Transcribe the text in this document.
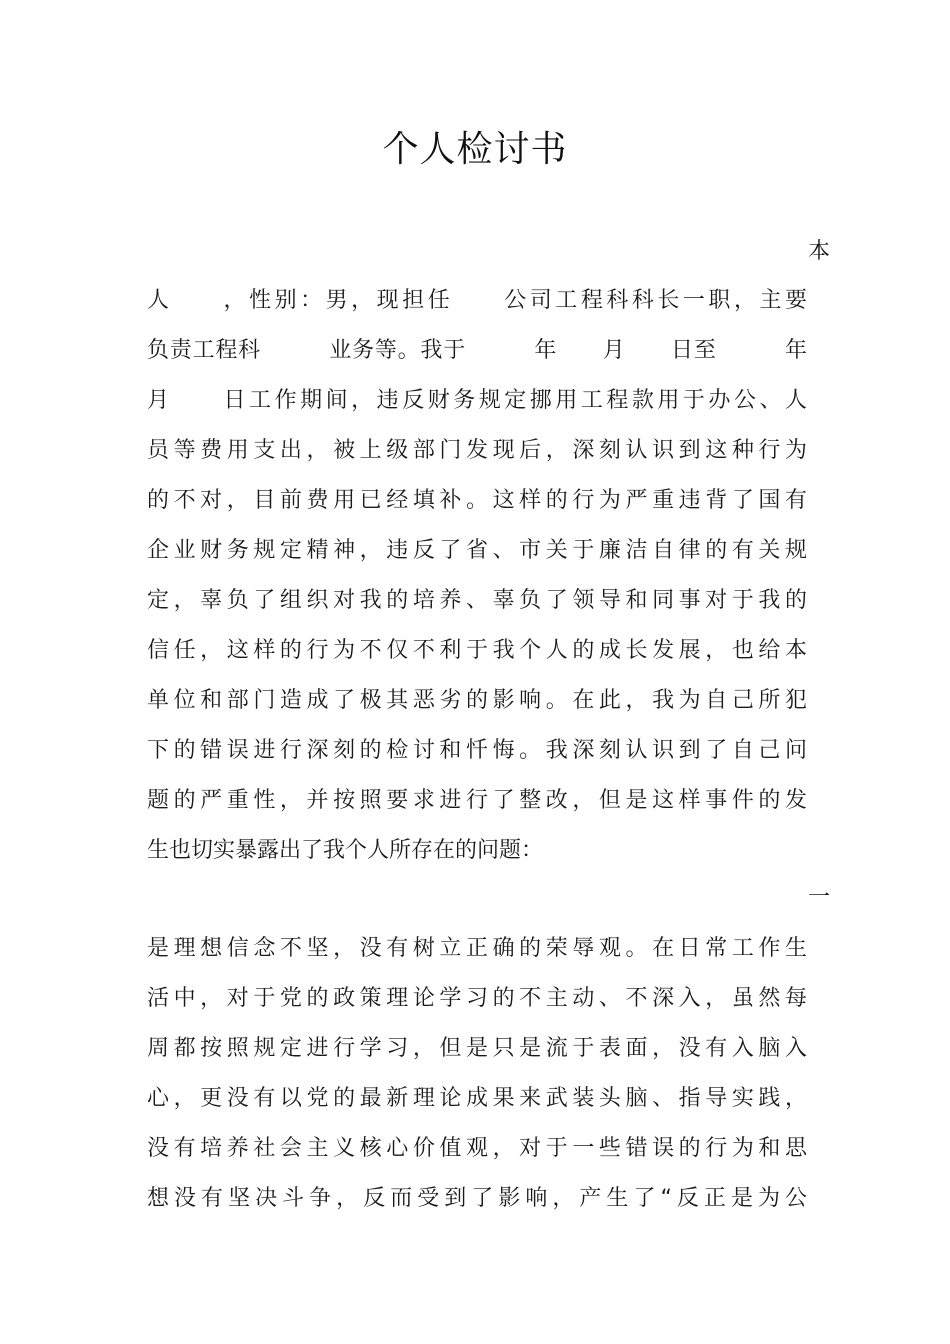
个人检讨书
本
人　　，性别：男，现担任　　公司工程科科长一职，主要
负责工程科　　　业务等。我于　　　年　　月　　日至　　　年
月　　日工作期间，违反财务规定挪用工程款用于办公、人
员等费用支出，被上级部门发现后，深刻认识到这种行为
的不对，目前费用已经填补。这样的行为严重违背了国有
企业财务规定精神，违反了省、市关于廉洁自律的有关规
定，辜负了组织对我的培养、辜负了领导和同事对于我的
信任，这样的行为不仅不利于我个人的成长发展，也给本
单位和部门造成了极其恶劣的影响。在此，我为自己所犯
下的错误进行深刻的检讨和忏悔。我深刻认识到了自己问
题的严重性，并按照要求进行了整改，但是这样事件的发
生也切实暴露出了我个人所存在的问题：
一
是理想信念不坚，没有树立正确的荣辱观。在日常工作生
活中，对于党的政策理论学习的不主动、不深入，虽然每
周都按照规定进行学习，但是只是流于表面，没有入脑入
心，更没有以党的最新理论成果来武装头脑、指导实践，
没有培养社会主义核心价值观，对于一些错误的行为和思
想没有坚决斗争，反而受到了影响，产生了“反正是为公
